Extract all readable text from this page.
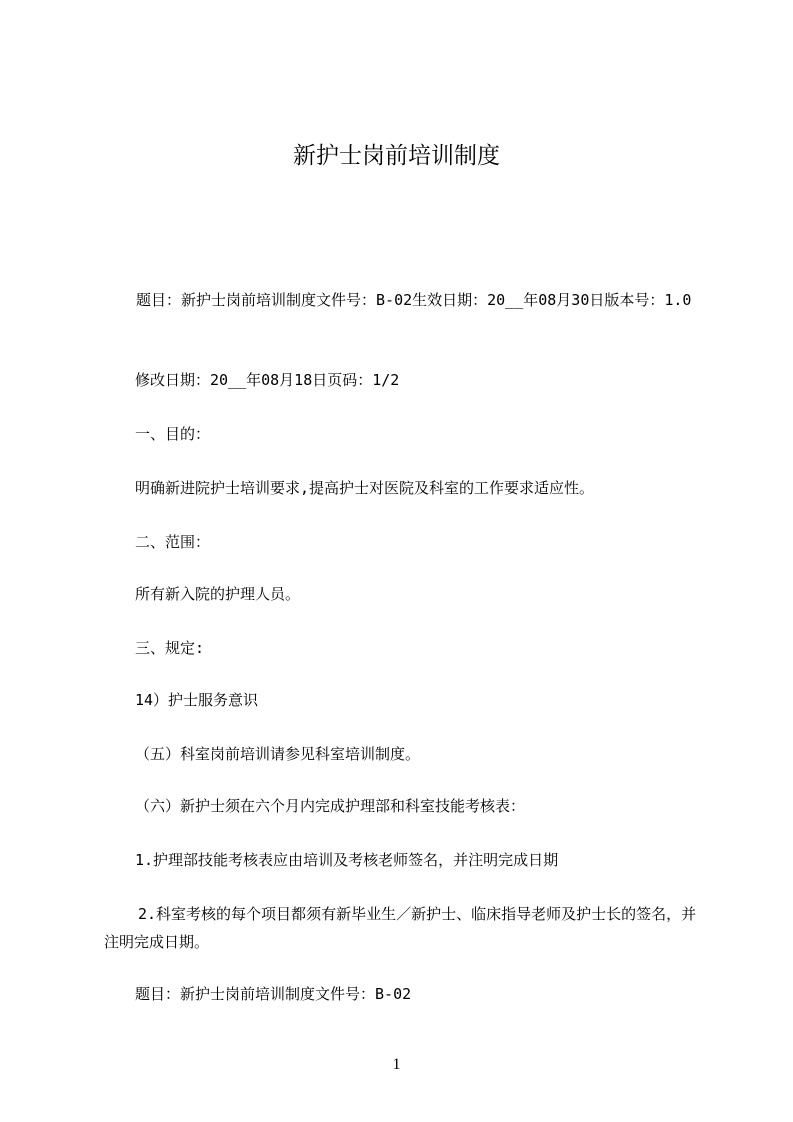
新护士岗前培训制度
题目：新护士岗前培训制度文件号：B-02生效日期：20__年08月30日版本号：1.0
修改日期：20__年08月18日页码：1/2
一、目的：
明确新进院护士培训要求,提高护士对医院及科室的工作要求适应性。
二、范围：
所有新入院的护理人员。
三、规定:
14）护士服务意识
（五）科室岗前培训请参见科室培训制度。
（六）新护士须在六个月内完成护理部和科室技能考核表：
1.护理部技能考核表应由培训及考核老师签名，并注明完成日期
2.科室考核的每个项目都须有新毕业生／新护士、临床指导老师及护士长的签名，并注明完成日期。
题目：新护士岗前培训制度文件号：B-02
1
